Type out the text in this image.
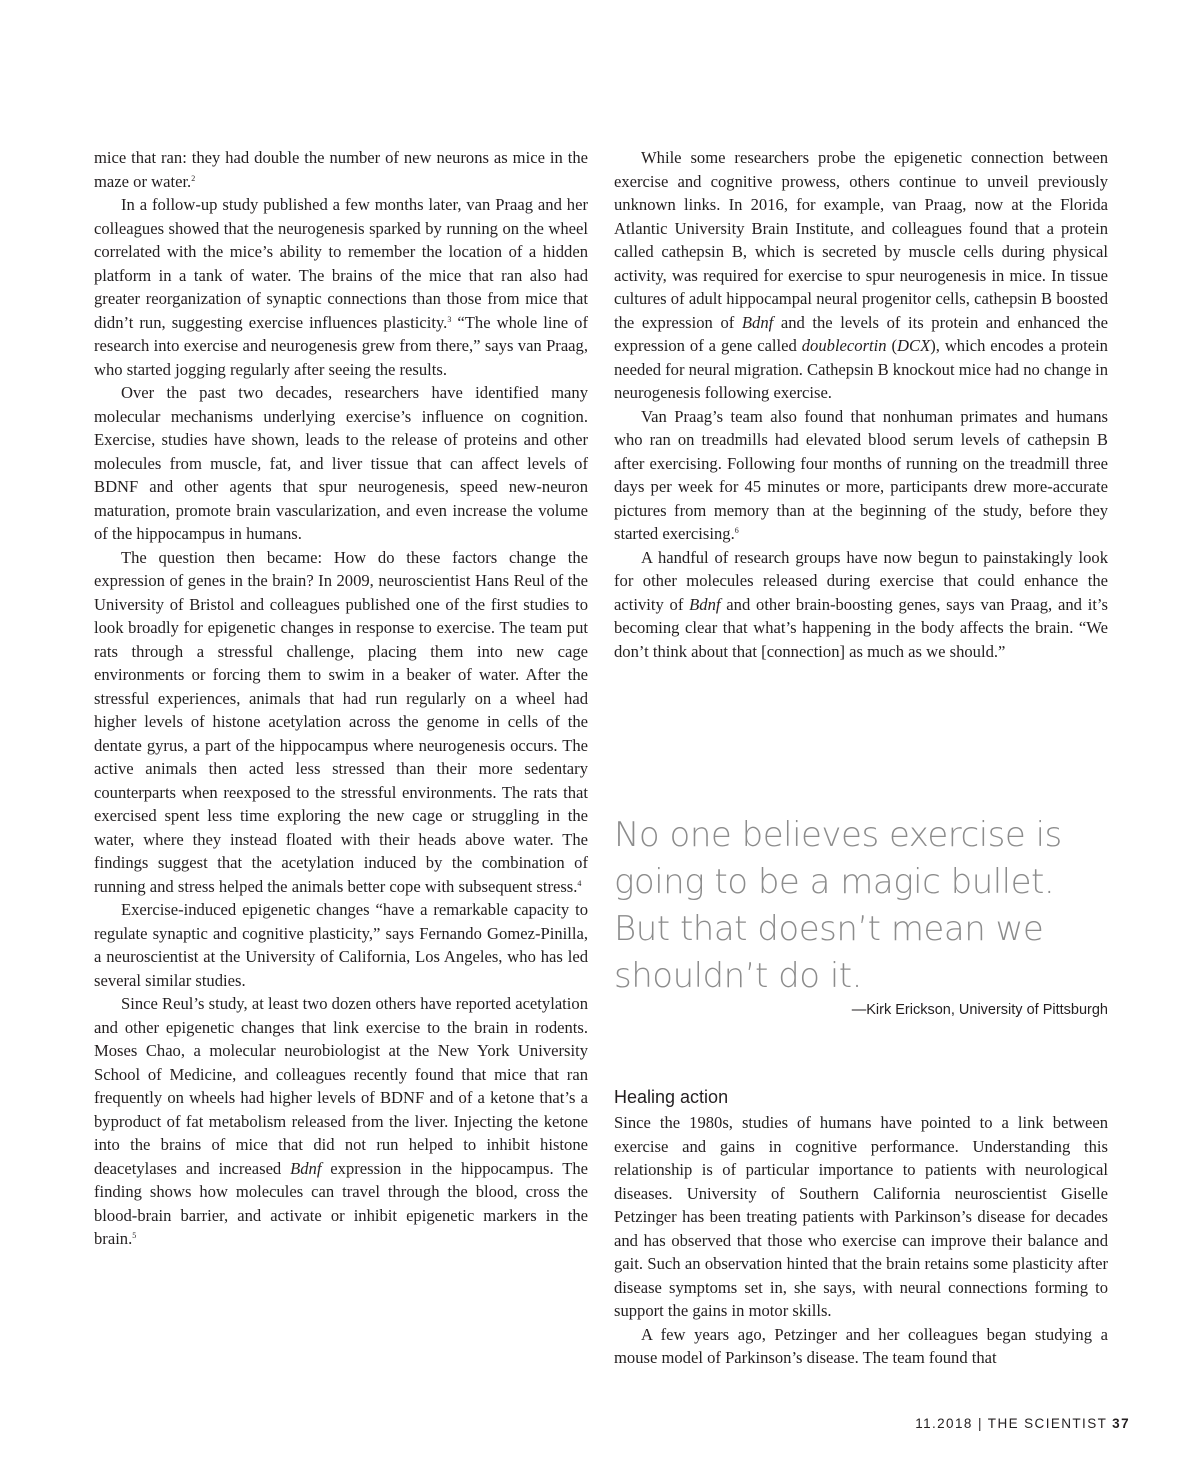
mice that ran: they had double the number of new neurons as mice in the maze or water.$^2$

In a follow-up study published a few months later, van Praag and her colleagues showed that the neurogenesis sparked by running on the wheel correlated with the mice’s ability to remember the location of a hidden platform in a tank of water. The brains of the mice that ran also had greater reorganization of synaptic connections than those from mice that didn’t run, suggesting exercise influences plasticity.$^3$ “The whole line of research into exercise and neurogenesis grew from there,” says van Praag, who started jogging regularly after seeing the results.

Over the past two decades, researchers have identified many molecular mechanisms underlying exercise’s influence on cognition. Exercise, studies have shown, leads to the release of proteins and other molecules from muscle, fat, and liver tissue that can affect levels of BDNF and other agents that spur neurogenesis, speed new-neuron maturation, promote brain vascularization, and even increase the volume of the hippocampus in humans.

The question then became: How do these factors change the expression of genes in the brain? In 2009, neuroscientist Hans Reul of the University of Bristol and colleagues published one of the first studies to look broadly for epigenetic changes in response to exercise. The team put rats through a stressful challenge, placing them into new cage environments or forcing them to swim in a beaker of water. After the stressful experiences, animals that had run regularly on a wheel had higher levels of histone acetylation across the genome in cells of the dentate gyrus, a part of the hippocampus where neurogenesis occurs. The active animals then acted less stressed than their more sedentary counterparts when reexposed to the stressful environments. The rats that exercised spent less time exploring the new cage or struggling in the water, where they instead floated with their heads above water. The findings suggest that the acetylation induced by the combination of running and stress helped the animals better cope with subsequent stress.$^4$

Exercise-induced epigenetic changes “have a remarkable capacity to regulate synaptic and cognitive plasticity,” says Fernando Gomez-Pinilla, a neuroscientist at the University of California, Los Angeles, who has led several similar studies.

Since Reul’s study, at least two dozen others have reported acetylation and other epigenetic changes that link exercise to the brain in rodents. Moses Chao, a molecular neurobiologist at the New York University School of Medicine, and colleagues recently found that mice that ran frequently on wheels had higher levels of BDNF and of a ketone that’s a byproduct of fat metabolism released from the liver. Injecting the ketone into the brains of mice that did not run helped to inhibit histone deacetylases and increased Bdnf expression in the hippocampus. The finding shows how molecules can travel through the blood, cross the blood-brain barrier, and activate or inhibit epigenetic markers in the brain.$^5$

While some researchers probe the epigenetic connection between exercise and cognitive prowess, others continue to unveil previously unknown links. In 2016, for example, van Praag, now at the Florida Atlantic University Brain Institute, and colleagues found that a protein called cathepsin B, which is secreted by muscle cells during physical activity, was required for exercise to spur neurogenesis in mice. In tissue cultures of adult hippocampal neural progenitor cells, cathepsin B boosted the expression of Bdnf and the levels of its protein and enhanced the expression of a gene called doublecortin (DCX), which encodes a protein needed for neural migration. Cathepsin B knockout mice had no change in neurogenesis following exercise.

Van Praag’s team also found that nonhuman primates and humans who ran on treadmills had elevated blood serum levels of cathepsin B after exercising. Following four months of running on the treadmill three days per week for 45 minutes or more, participants drew more-accurate pictures from memory than at the beginning of the study, before they started exercising.$^6$

A handful of research groups have now begun to painstakingly look for other molecules released during exercise that could enhance the activity of Bdnf and other brain-boosting genes, says van Praag, and it’s becoming clear that what’s happening in the body affects the brain. “We don’t think about that [connection] as much as we should.”

No one believes exercise is going to be a magic bullet. But that doesn’t mean we shouldn’t do it.

—Kirk Erickson, University of Pittsburgh
Healing action

Since the 1980s, studies of humans have pointed to a link between exercise and gains in cognitive performance. Understanding this relationship is of particular importance to patients with neurological diseases. University of Southern California neuroscientist Giselle Petzinger has been treating patients with Parkinson’s disease for decades and has observed that those who exercise can improve their balance and gait. Such an observation hinted that the brain retains some plasticity after disease symptoms set in, she says, with neural connections forming to support the gains in motor skills.

A few years ago, Petzinger and her colleagues began studying a mouse model of Parkinson’s disease. The team found that

11.2018 | THE SCIENTIST 37
